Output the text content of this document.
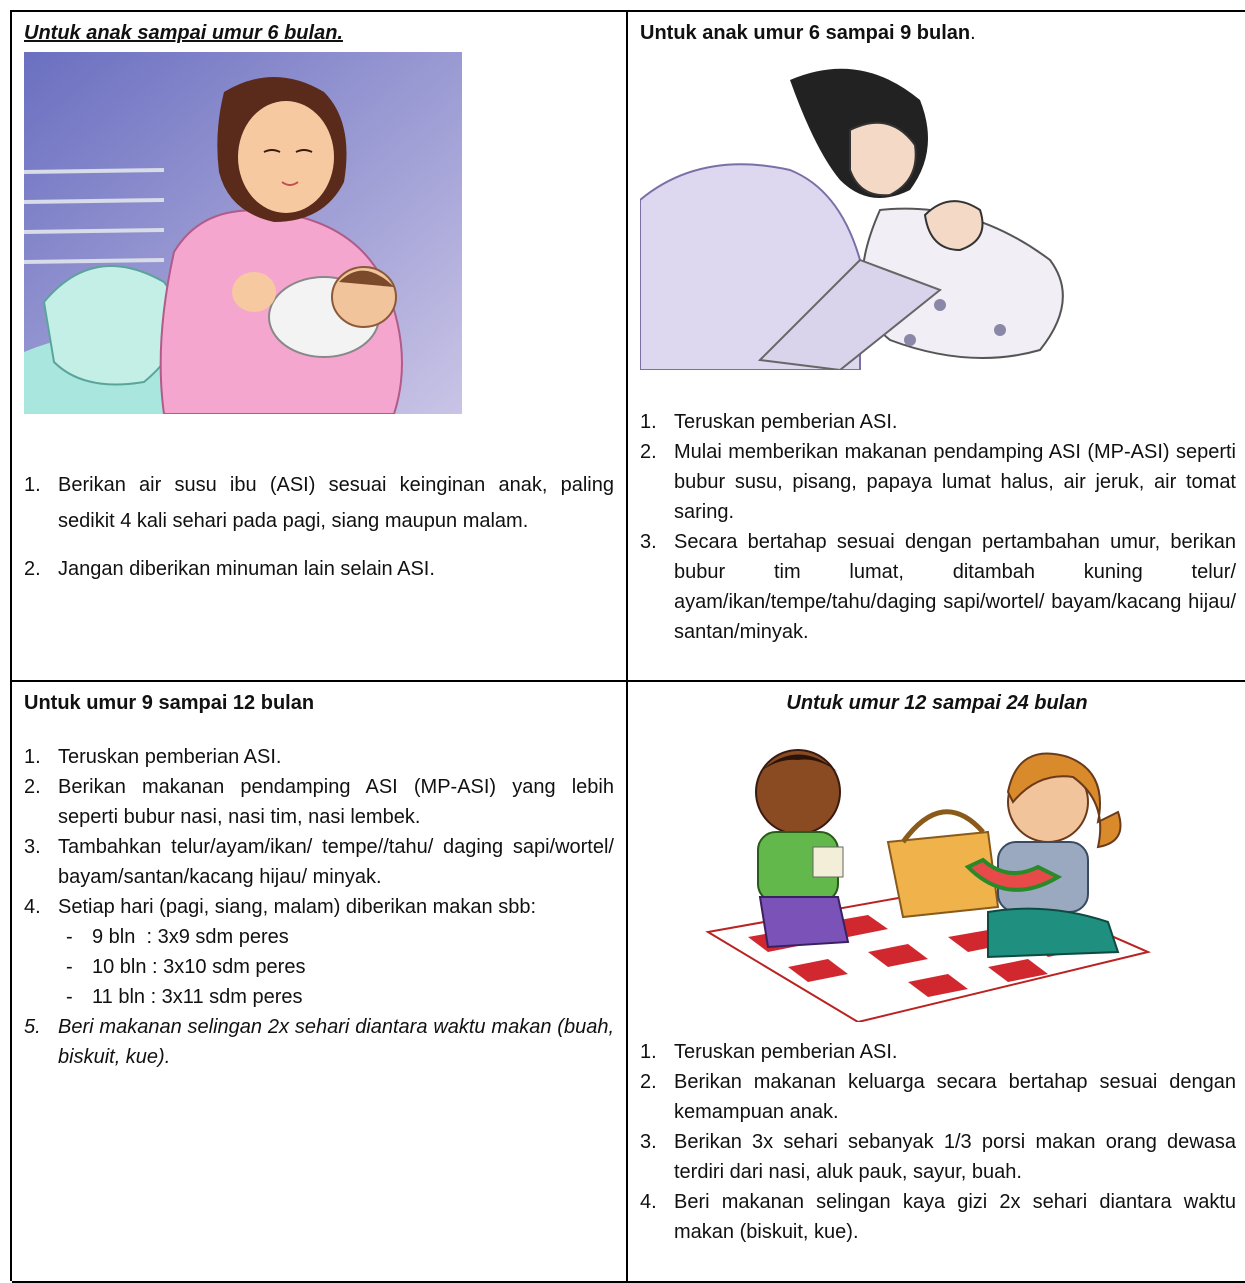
Untuk anak sampai umur 6 bulan.
1. Berikan air susu ibu (ASI) sesuai keinginan anak, paling sedikit 4 kali sehari pada pagi, siang maupun malam.
2. Jangan diberikan minuman lain selain ASI.
Untuk anak umur 6 sampai 9 bulan.
1. Teruskan pemberian ASI.
2. Mulai memberikan makanan pendamping ASI (MP-ASI) seperti bubur susu, pisang, papaya lumat halus, air jeruk, air tomat saring.
3. Secara bertahap sesuai dengan pertambahan umur, berikan bubur tim lumat, ditambah kuning telur/ ayam/ikan/tempe/tahu/daging sapi/wortel/ bayam/kacang hijau/ santan/minyak.
Untuk umur 9 sampai 12 bulan
1. Teruskan pemberian ASI.
2. Berikan makanan pendamping ASI (MP-ASI) yang lebih seperti bubur nasi, nasi tim, nasi lembek.
3. Tambahkan telur/ayam/ikan/ tempe//tahu/ daging sapi/wortel/ bayam/santan/kacang hijau/ minyak.
4. Setiap hari (pagi, siang, malam) diberikan makan sbb:
- 9 bln  : 3x9 sdm peres
- 10 bln : 3x10 sdm peres
- 11 bln : 3x11 sdm peres
5. Beri makanan selingan 2x sehari diantara waktu makan (buah, biskuit, kue).
Untuk umur 12 sampai 24 bulan
1. Teruskan pemberian ASI.
2. Berikan makanan keluarga secara bertahap sesuai dengan kemampuan anak.
3. Berikan 3x sehari sebanyak 1/3 porsi makan orang dewasa terdiri dari nasi, aluk pauk, sayur, buah.
4. Beri makanan selingan kaya gizi 2x sehari diantara waktu makan (biskuit, kue).
